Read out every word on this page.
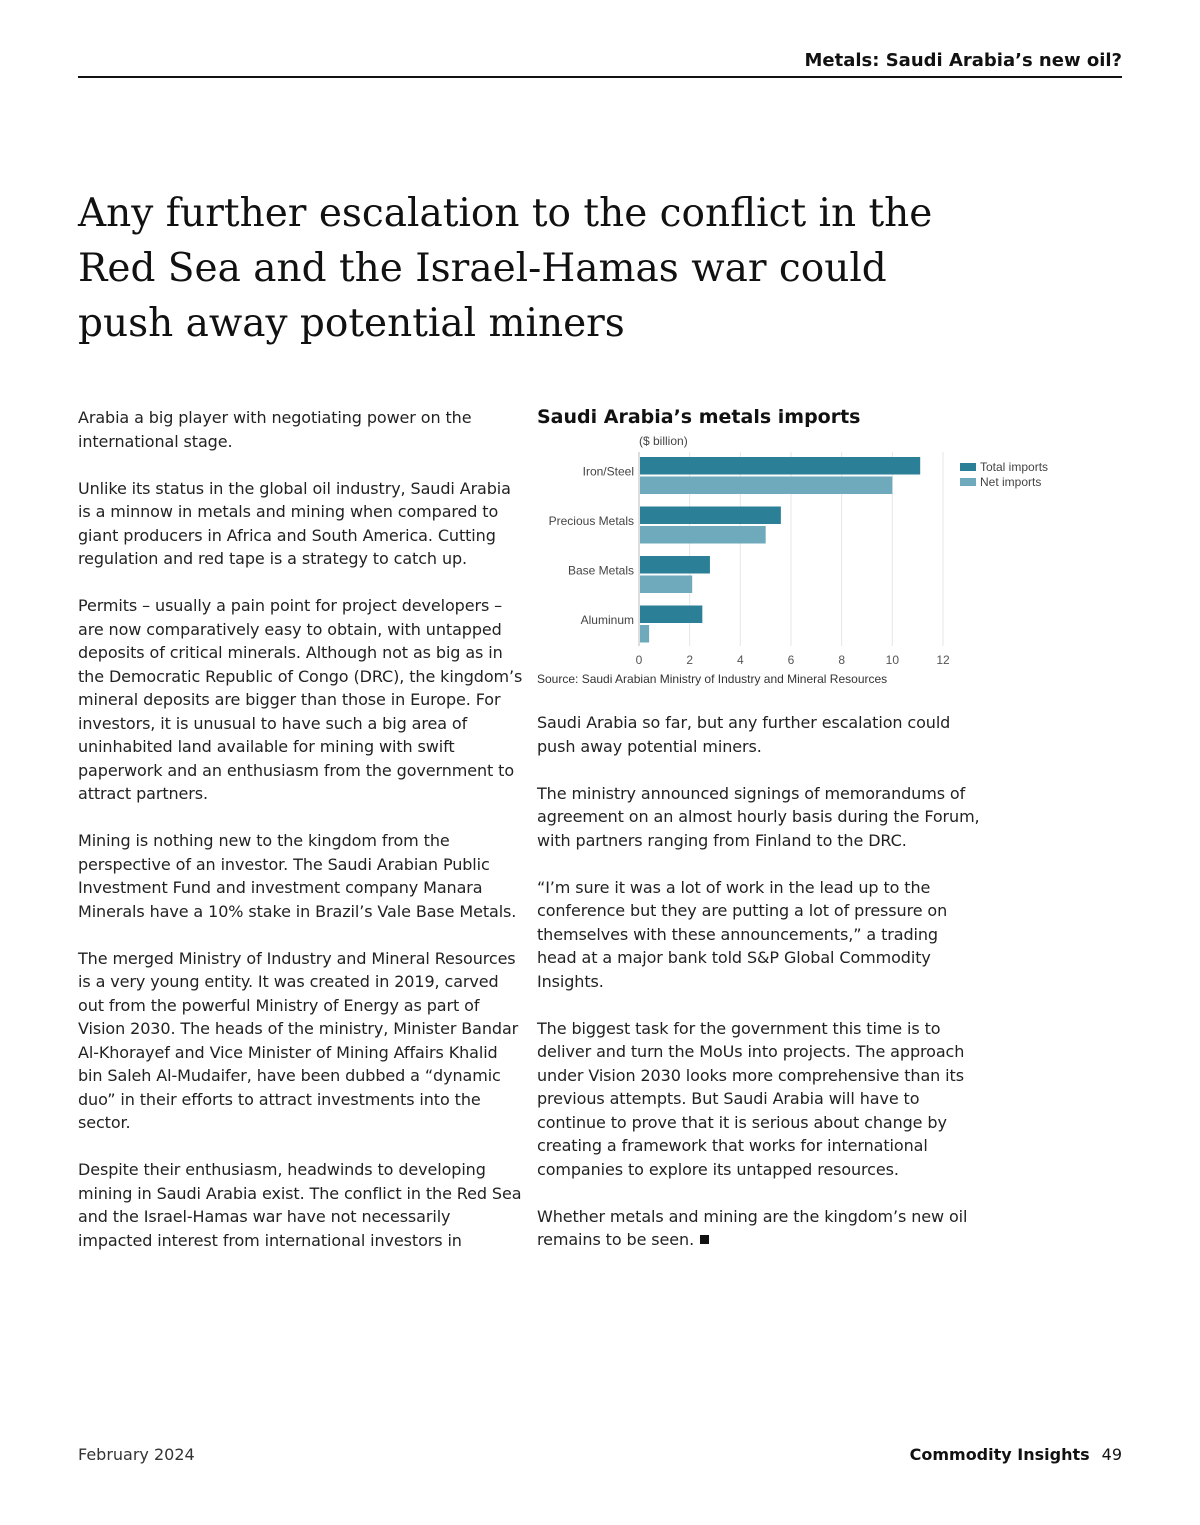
Metals: Saudi Arabia’s new oil?
Any further escalation to the conflict in the Red Sea and the Israel-Hamas war could push away potential miners

Arabia a big player with negotiating power on the international stage.

Unlike its status in the global oil industry, Saudi Arabia is a minnow in metals and mining when compared to giant producers in Africa and South America. Cutting regulation and red tape is a strategy to catch up.

Permits – usually a pain point for project developers – are now comparatively easy to obtain, with untapped deposits of critical minerals. Although not as big as in the Democratic Republic of Congo (DRC), the kingdom’s mineral deposits are bigger than those in Europe. For investors, it is unusual to have such a big area of uninhabited land available for mining with swift paperwork and an enthusiasm from the government to attract partners.

Mining is nothing new to the kingdom from the perspective of an investor. The Saudi Arabian Public Investment Fund and investment company Manara Minerals have a 10% stake in Brazil’s Vale Base Metals.

The merged Ministry of Industry and Mineral Resources is a very young entity. It was created in 2019, carved out from the powerful Ministry of Energy as part of Vision 2030. The heads of the ministry, Minister Bandar Al-Khorayef and Vice Minister of Mining Affairs Khalid bin Saleh Al-Mudaifer, have been dubbed a “dynamic duo” in their efforts to attract investments into the sector.

Despite their enthusiasm, headwinds to developing mining in Saudi Arabia exist. The conflict in the Red Sea and the Israel-Hamas war have not necessarily impacted interest from international investors in

Saudi Arabia’s metals imports
($ billion)
Iron/Steel
Precious Metals
Base Metals
Aluminum
0	2	4	6	8	10	12
Total imports
Net imports
Source: Saudi Arabian Ministry of Industry and Mineral Resources

Saudi Arabia so far, but any further escalation could push away potential miners.

The ministry announced signings of memorandums of agreement on an almost hourly basis during the Forum, with partners ranging from Finland to the DRC.

“I’m sure it was a lot of work in the lead up to the conference but they are putting a lot of pressure on themselves with these announcements,” a trading head at a major bank told S&P Global Commodity Insights.

The biggest task for the government this time is to deliver and turn the MoUs into projects. The approach under Vision 2030 looks more comprehensive than its previous attempts. But Saudi Arabia will have to continue to prove that it is serious about change by creating a framework that works for international companies to explore its untapped resources.

Whether metals and mining are the kingdom’s new oil remains to be seen.

February 2024	Commodity Insights 49
